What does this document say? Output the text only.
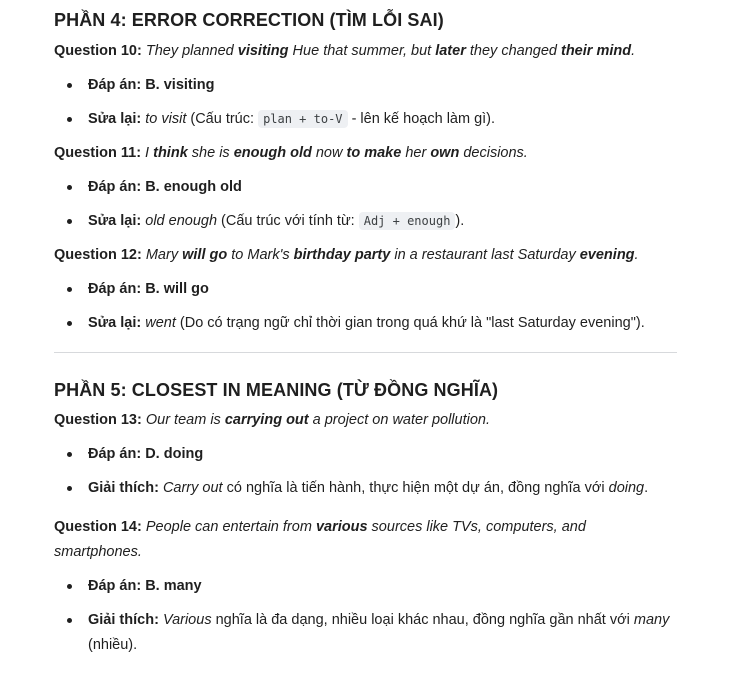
PHẦN 4: ERROR CORRECTION (TÌM LỖI SAI)

Question 10: They planned visiting Hue that summer, but later they changed their mind.

Đáp án: B. visiting
Sửa lại: to visit (Cấu trúc: plan + to-V - lên kế hoạch làm gì).

Question 11: I think she is enough old now to make her own decisions.

Đáp án: B. enough old
Sửa lại: old enough (Cấu trúc với tính từ: Adj + enough ).

Question 12: Mary will go to Mark's birthday party in a restaurant last Saturday evening.

Đáp án: B. will go
Sửa lại: went (Do có trạng ngữ chỉ thời gian trong quá khứ là "last Saturday evening").
PHẦN 5: CLOSEST IN MEANING (TỪ ĐỒNG NGHĨA)

Question 13: Our team is carrying out a project on water pollution.

Đáp án: D. doing
Giải thích: Carry out có nghĩa là tiến hành, thực hiện một dự án, đồng nghĩa với doing.

Question 14: People can entertain from various sources like TVs, computers, and smartphones.

Đáp án: B. many
Giải thích: Various nghĩa là đa dạng, nhiều loại khác nhau, đồng nghĩa gần nhất với many (nhiều).
